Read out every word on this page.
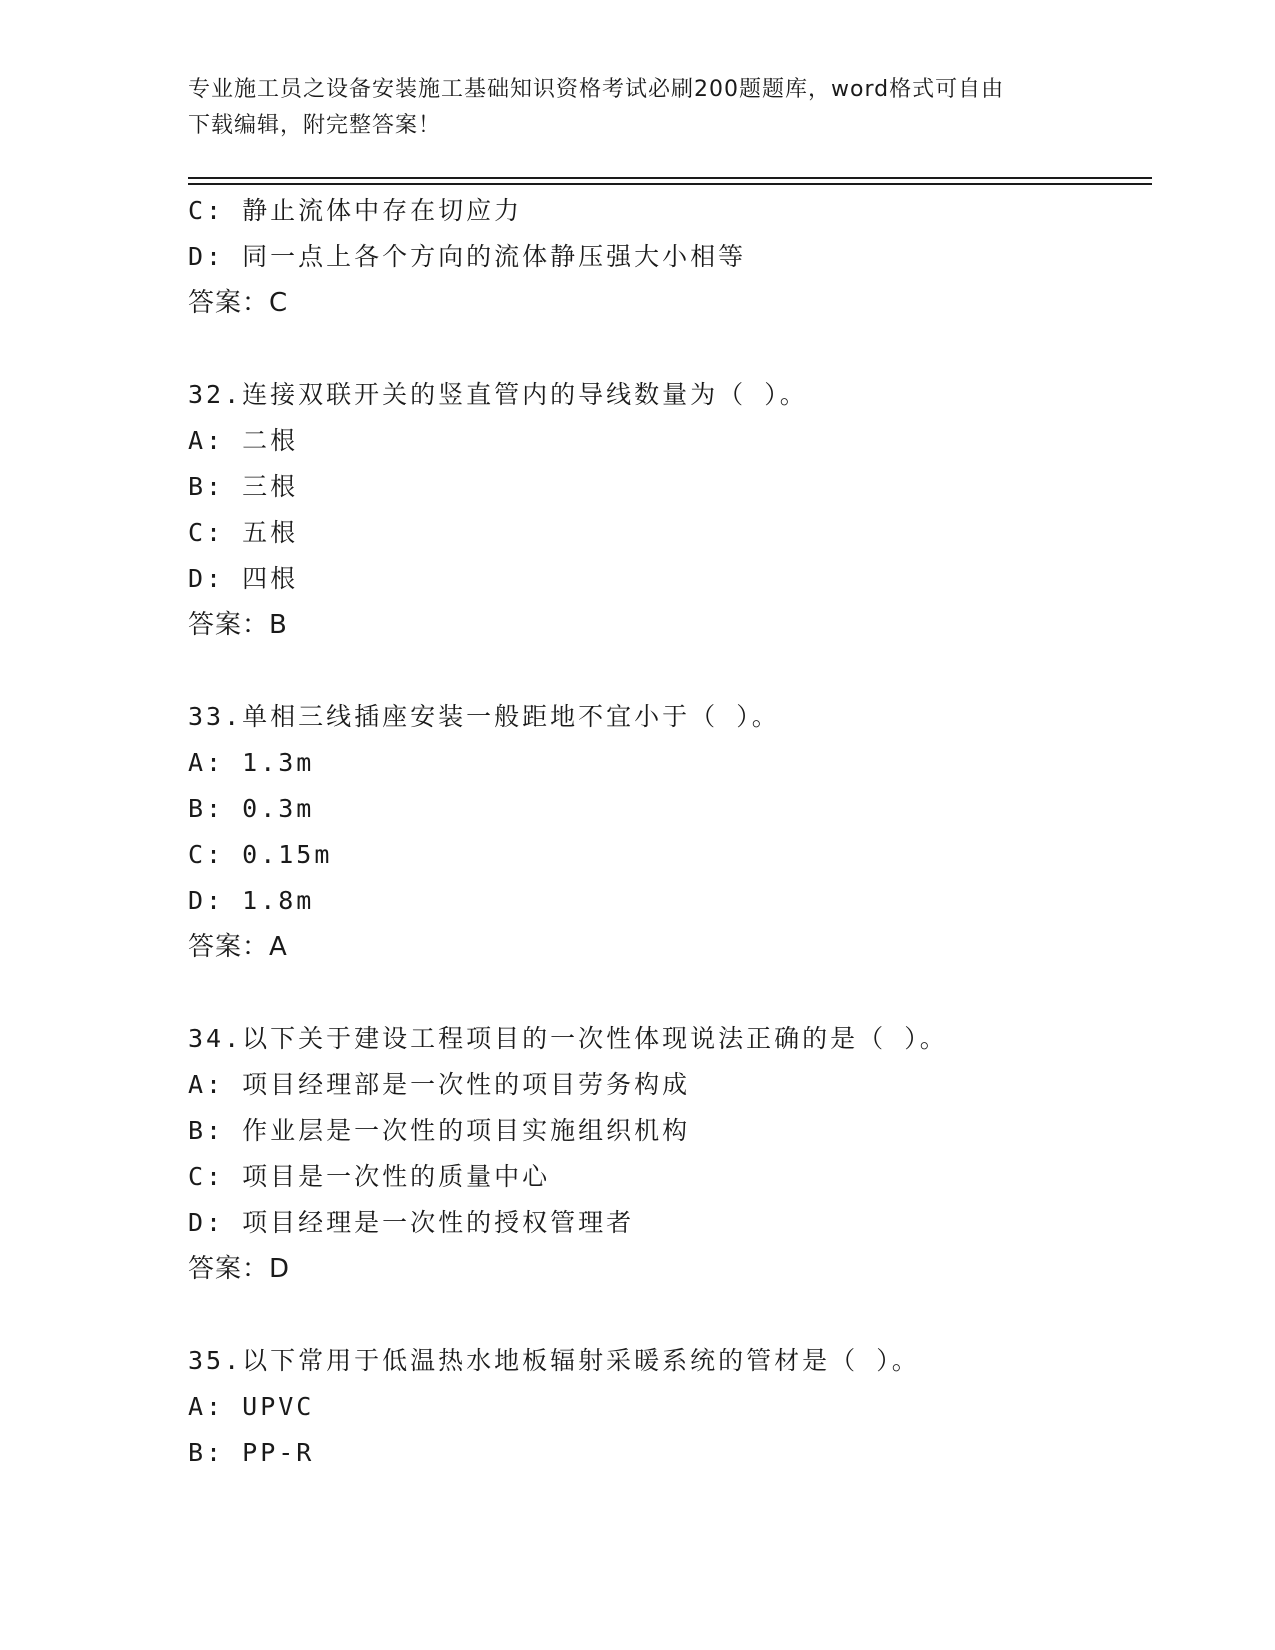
专业施工员之设备安装施工基础知识资格考试必刷200题题库，word格式可自由
下载编辑，附完整答案！
C: 静止流体中存在切应力
D: 同一点上各个方向的流体静压强大小相等
答案：C
32.连接双联开关的竖直管内的导线数量为（ ）。
A: 二根
B: 三根
C: 五根
D: 四根
答案：B
33.单相三线插座安装一般距地不宜小于（ ）。
A: 1.3m
B: 0.3m
C: 0.15m
D: 1.8m
答案：A
34.以下关于建设工程项目的一次性体现说法正确的是（ ）。
A: 项目经理部是一次性的项目劳务构成
B: 作业层是一次性的项目实施组织机构
C: 项目是一次性的质量中心
D: 项目经理是一次性的授权管理者
答案：D
35.以下常用于低温热水地板辐射采暖系统的管材是（ ）。
A: UPVC
B: PP-R
